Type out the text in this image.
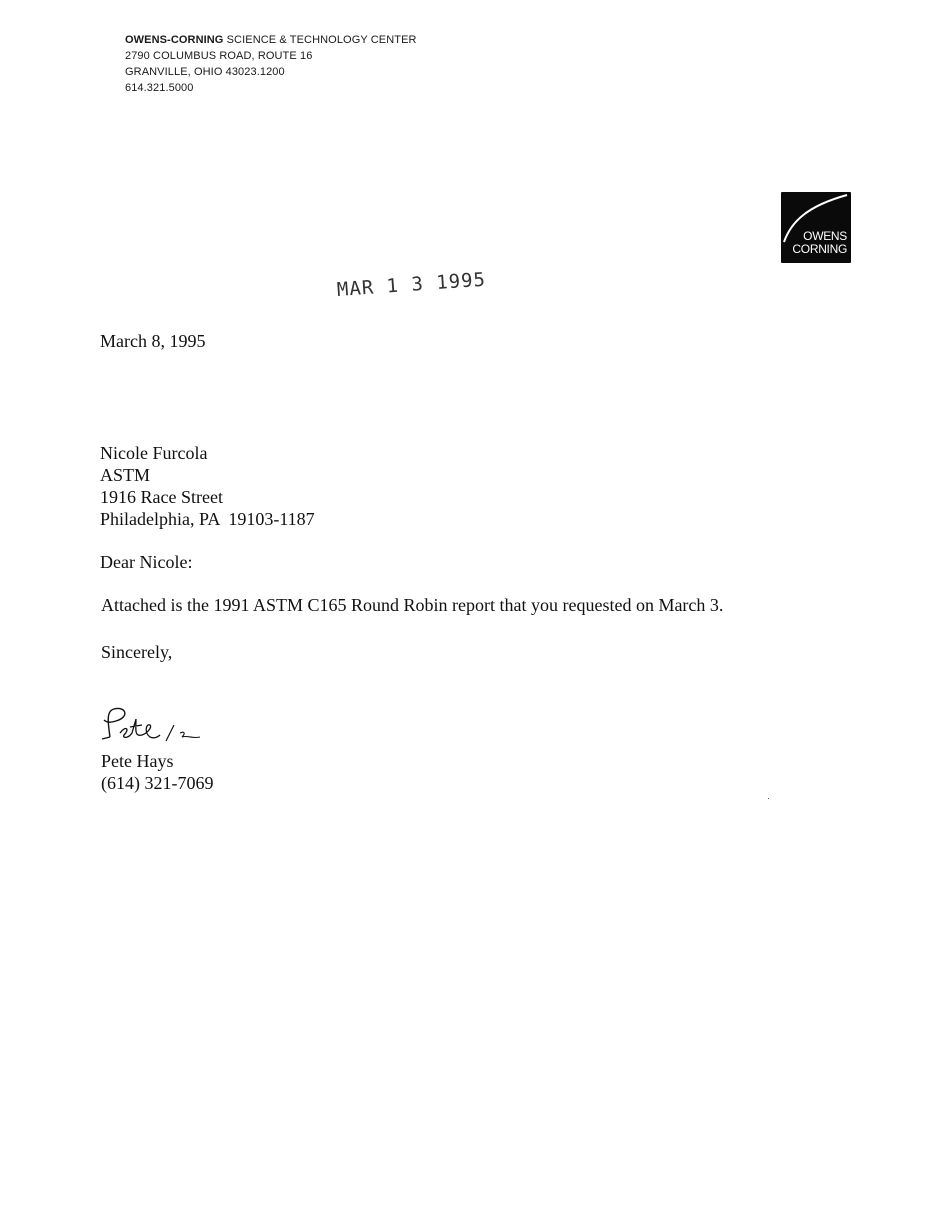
OWENS-CORNING SCIENCE & TECHNOLOGY CENTER
2790 COLUMBUS ROAD, ROUTE 16
GRANVILLE, OHIO 43023.1200
614.321.5000
OWENS
CORNING
MAR 1 3 1995
March 8, 1995
Nicole Furcola
ASTM
1916 Race Street
Philadelphia, PA  19103-1187
Dear Nicole:
Attached is the 1991 ASTM C165 Round Robin report that you requested on March 3.
Sincerely,
Pete Hays
(614) 321-7069
